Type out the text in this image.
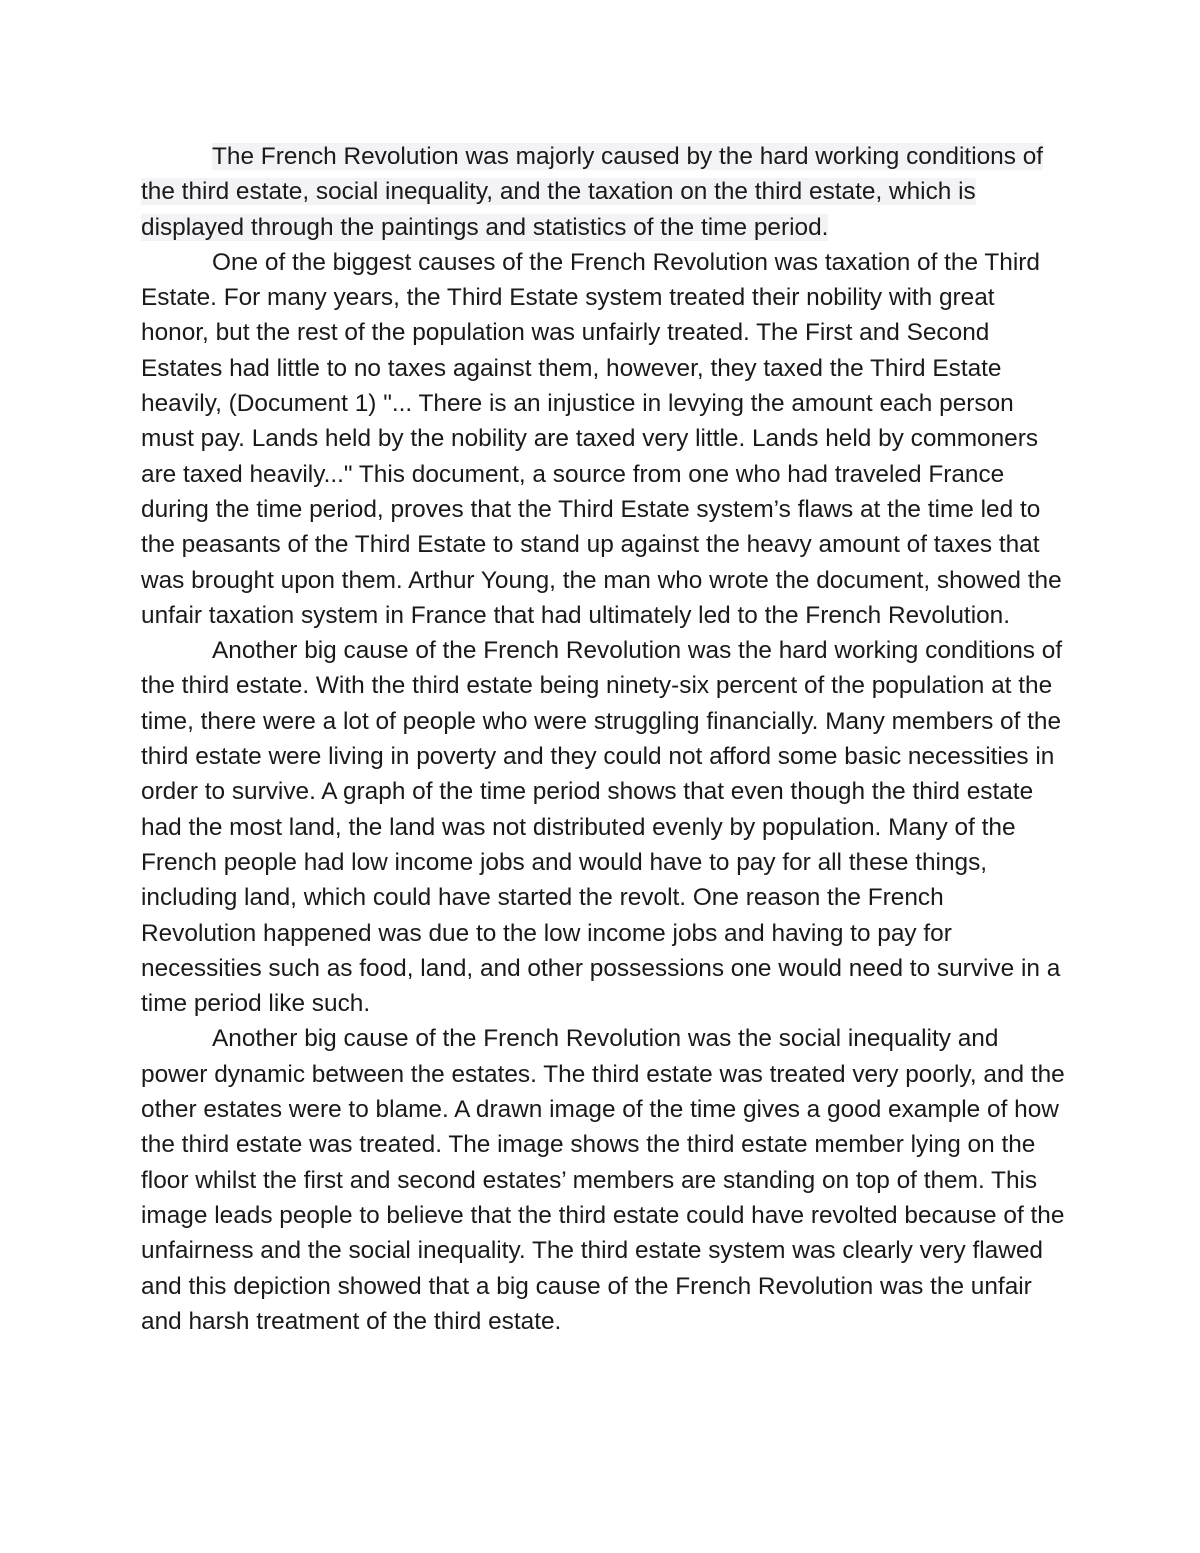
The French Revolution was majorly caused by the hard working conditions of the third estate, social inequality, and the taxation on the third estate, which is displayed through the paintings and statistics of the time period.

One of the biggest causes of the French Revolution was taxation of the Third Estate. For many years, the Third Estate system treated their nobility with great honor, but the rest of the population was unfairly treated. The First and Second Estates had little to no taxes against them, however, they taxed the Third Estate heavily, (Document 1) "... There is an injustice in levying the amount each person must pay. Lands held by the nobility are taxed very little. Lands held by commoners are taxed heavily..." This document, a source from one who had traveled France during the time period, proves that the Third Estate system’s flaws at the time led to the peasants of the Third Estate to stand up against the heavy amount of taxes that was brought upon them. Arthur Young, the man who wrote the document, showed the unfair taxation system in France that had ultimately led to the French Revolution.

Another big cause of the French Revolution was the hard working conditions of the third estate. With the third estate being ninety-six percent of the population at the time, there were a lot of people who were struggling financially. Many members of the third estate were living in poverty and they could not afford some basic necessities in order to survive. A graph of the time period shows that even though the third estate had the most land, the land was not distributed evenly by population. Many of the French people had low income jobs and would have to pay for all these things, including land, which could have started the revolt. One reason the French Revolution happened was due to the low income jobs and having to pay for necessities such as food, land, and other possessions one would need to survive in a time period like such.

Another big cause of the French Revolution was the social inequality and power dynamic between the estates. The third estate was treated very poorly, and the other estates were to blame. A drawn image of the time gives a good example of how the third estate was treated. The image shows the third estate member lying on the floor whilst the first and second estates’ members are standing on top of them. This image leads people to believe that the third estate could have revolted because of the unfairness and the social inequality. The third estate system was clearly very flawed and this depiction showed that a big cause of the French Revolution was the unfair and harsh treatment of the third estate.
